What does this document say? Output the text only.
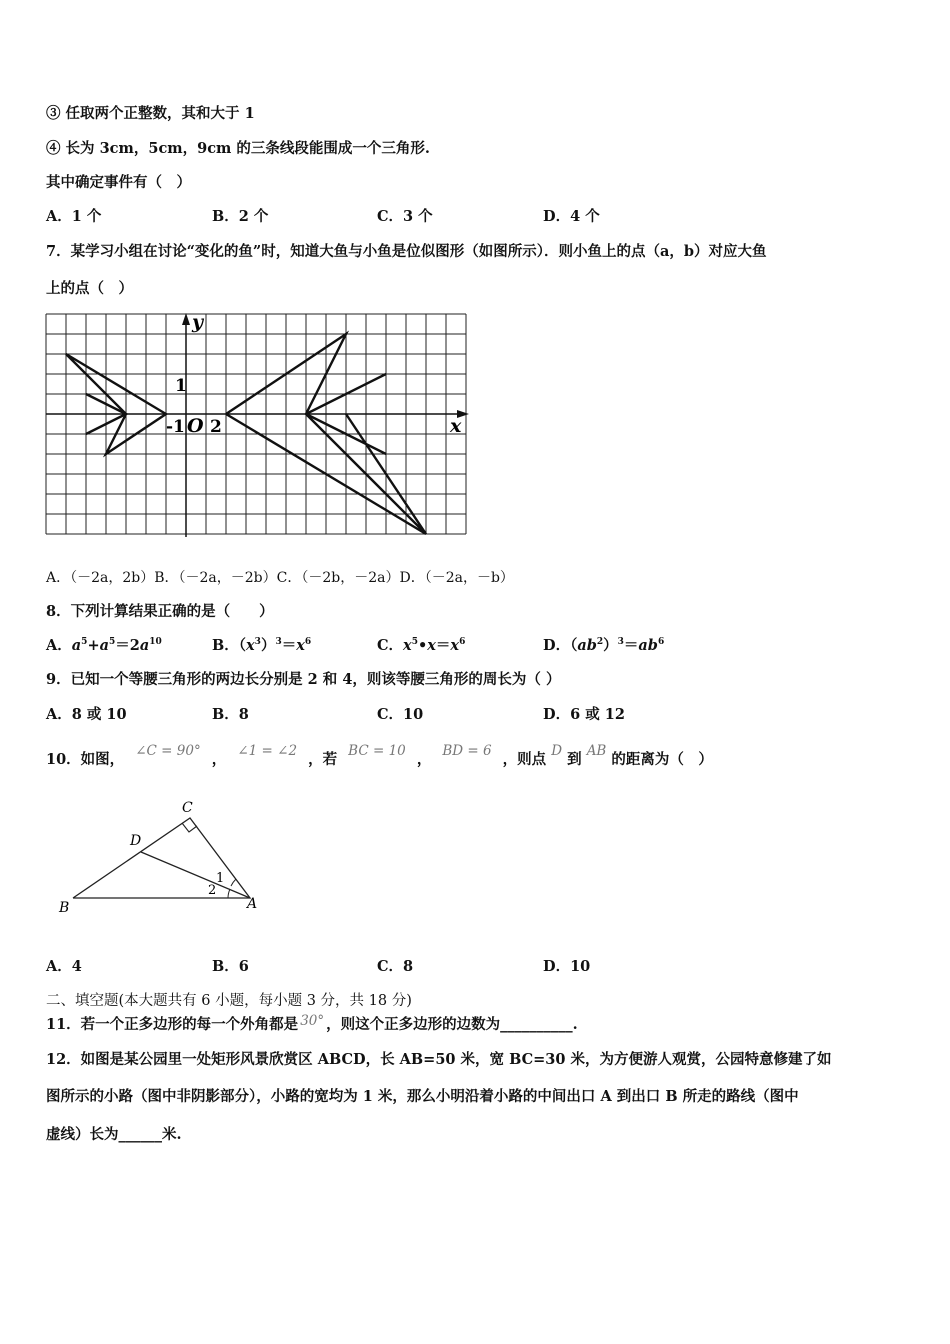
③ 任取两个正整数，其和大于 1
④ 长为 3cm，5cm，9cm 的三条线段能围成一个三角形.
其中确定事件有（　）
A．1 个	B．2 个	C．3 个	D．4 个
7．某学习小组在讨论“变化的鱼”时，知道大鱼与小鱼是位似图形（如图所示）．则小鱼上的点（a，b）对应大鱼
上的点（　）
y
x
1
-1 O 2
A．（－2a，2b）B．（－2a，－2b）C．（－2b，－2a）D．（－2a，－b）
8．下列计算结果正确的是（　　）
A．$a^5+a^5=2a^{10}$	B．$(x^3)^3=x^6$	C．$x^5•x=x^6$	D．$(ab^2)^3=ab^6$
9．已知一个等腰三角形的两边长分别是 2 和 4，则该等腰三角形的周长为（ ）
A．8 或 10	B．8	C．10	D．6 或 12
10．如图， ∠C = 90° ， ∠1 = ∠2 ，若 BC = 10 ， BD = 6 ，则点 D 到 AB 的距离为（　）
C
D
B	A
1
2
A．4	B．6	C．8	D．10
二、填空题(本大题共有 6 小题，每小题 3 分，共 18 分)
11．若一个正多边形的每一个外角都是 30° ，则这个正多边形的边数为__________.
12．如图是某公园里一处矩形风景欣赏区 ABCD，长 AB=50 米，宽 BC=30 米，为方便游人观赏，公园特意修建了如
图所示的小路（图中非阴影部分），小路的宽均为 1 米，那么小明沿着小路的中间出口 A 到出口 B 所走的路线（图中
虚线）长为______米.
